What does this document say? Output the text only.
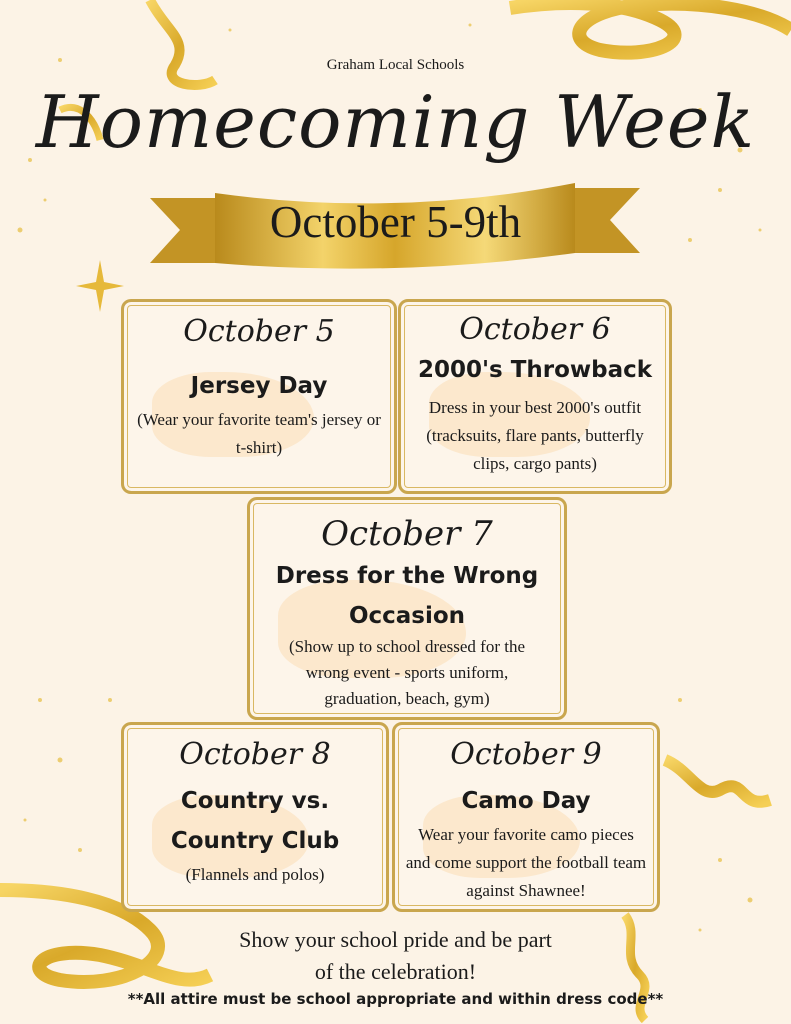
Graham Local Schools
Homecoming Week
October 5-9th
October 5
Jersey Day
(Wear your favorite team's jersey or t-shirt)
October 6
2000's Throwback
Dress in your best 2000's outfit (tracksuits, flare pants, butterfly clips, cargo pants)
October 7
Dress for the Wrong Occasion
(Show up to school dressed for the wrong event - sports uniform, graduation, beach, gym)
October 8
Country vs. Country Club
(Flannels and polos)
October 9
Camo Day
Wear your favorite camo pieces and come support the football team against Shawnee!
Show your school pride and be part of the celebration!
**All attire must be school appropriate and within dress code**
